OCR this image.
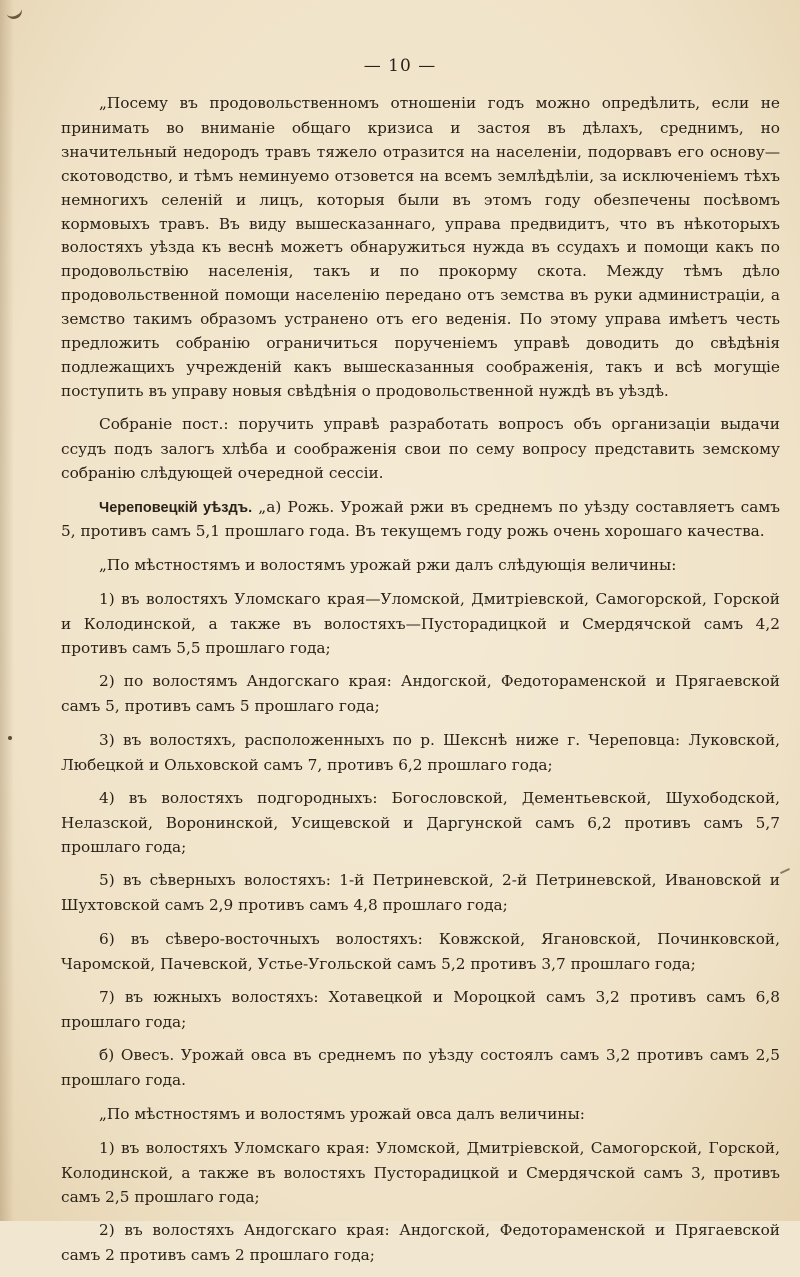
— 10 —

„Посему въ продовольственномъ отношеніи годъ можно опредѣлить, если не принимать во вниманіе общаго кризиса и застоя въ дѣлахъ, среднимъ, но значительный недородъ травъ тяжело отразится на населеніи, подорвавъ его основу—скотоводство, и тѣмъ неминуемо отзовется на всемъ землѣдѣліи, за исключеніемъ тѣхъ немногихъ селеній и лицъ, которыя были въ этомъ году обезпечены посѣвомъ кормовыхъ травъ. Въ виду вышесказаннаго, управа предвидитъ, что въ нѣкоторыхъ волостяхъ уѣзда къ веснѣ можетъ обнаружиться нужда въ ссудахъ и помощи какъ по продовольствію населенія, такъ и по прокорму скота. Между тѣмъ дѣло продовольственной помощи населенію передано отъ земства въ руки администраціи, а земство такимъ образомъ устранено отъ его веденія. По этому управа имѣетъ честь предложить собранію ограничиться порученіемъ управѣ доводить до свѣдѣнія подлежащихъ учрежденій какъ вышесказанныя соображенія, такъ и всѣ могущіе поступить въ управу новыя свѣдѣнія о продовольственной нуждѣ въ уѣздѣ.

Собраніе пост.: поручить управѣ разработать вопросъ объ организаціи выдачи ссудъ подъ залогъ хлѣба и соображенія свои по сему вопросу представить земскому собранію слѣдующей очередной сессіи.

Череповецкій уѣздъ. „а) Рожь. Урожай ржи въ среднемъ по уѣзду составляетъ самъ 5, противъ самъ 5,1 прошлаго года. Въ текущемъ году рожь очень хорошаго качества.

„По мѣстностямъ и волостямъ урожай ржи далъ слѣдующія величины:

1) въ волостяхъ Уломскаго края—Уломской, Дмитріевской, Самогорской, Горской и Колодинской, а также въ волостяхъ—Пусторадицкой и Смердячской самъ 4,2 противъ самъ 5,5 прошлаго года;

2) по волостямъ Андогскаго края: Андогской, Федотораменской и Прягаевской самъ 5, противъ самъ 5 прошлаго года;

3) въ волостяхъ, расположенныхъ по р. Шекснѣ ниже г. Череповца: Луковской, Любецкой и Ольховской самъ 7, противъ 6,2 прошлаго года;

4) въ волостяхъ подгородныхъ: Богословской, Дементьевской, Шухободской, Нелазской, Воронинской, Усищевской и Даргунской самъ 6,2 противъ самъ 5,7 прошлаго года;

5) въ сѣверныхъ волостяхъ: 1-й Петриневской, 2-й Петриневской, Ивановской и Шухтовской самъ 2,9 противъ самъ 4,8 прошлаго года;

6) въ сѣверо-восточныхъ волостяхъ: Ковжской, Ягановской, Починковской, Чаромской, Пачевской, Устье-Угольской самъ 5,2 противъ 3,7 прошлаго года;

7) въ южныхъ волостяхъ: Хотавецкой и Мороцкой самъ 3,2 противъ самъ 6,8 прошлаго года;

б) Овесъ. Урожай овса въ среднемъ по уѣзду состоялъ самъ 3,2 противъ самъ 2,5 прошлаго года.

„По мѣстностямъ и волостямъ урожай овса далъ величины:

1) въ волостяхъ Уломскаго края: Уломской, Дмитріевской, Самогорской, Горской, Колодинской, а также въ волостяхъ Пусторадицкой и Смердячской самъ 3, противъ самъ 2,5 прошлаго года;

2) въ волостяхъ Андогскаго края: Андогской, Федотораменской и Прягаевской самъ 2 противъ самъ 2 прошлаго года;
